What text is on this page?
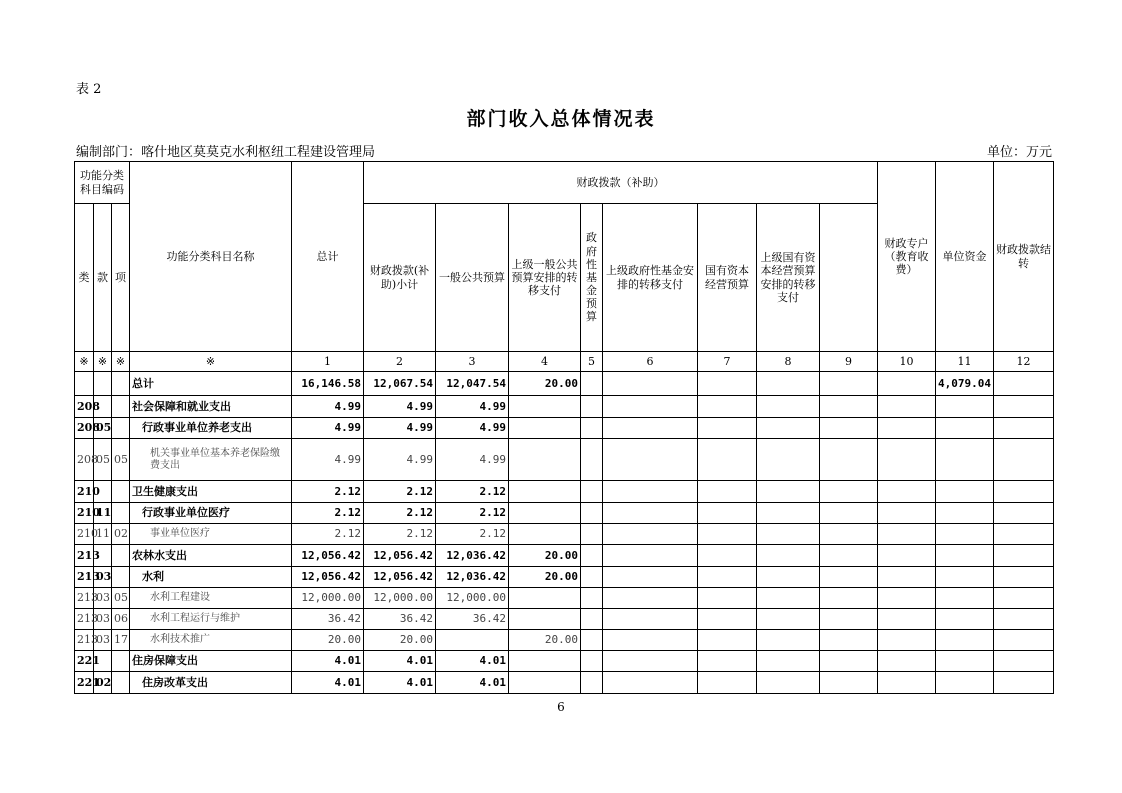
表 2
部门收入总体情况表
编制部门：喀什地区莫莫克水利枢纽工程建设管理局	单位：万元
功能分类科目编码			功能分类科目名称	总计	财政拨款（补助）								财政专户（教育收费）	单位资金	财政拨款结转	
类	款	项			财政拨款(补助)小计	一般公共预算	上级一般公共预算安排的转移支付	政府性基金预算	上级政府性基金安排的转移支付	国有资本经营预算	上级国有资本经营预算安排的转移支付					
※	※	※	※	1	2	3	4	5	6	7	8	9	10	11	12	
			总计	16,146.58	12,067.54	12,047.54	20.00							4,079.04		
208			社会保障和就业支出	4.99	4.99	4.99										
208	05		行政事业单位养老支出	4.99	4.99	4.99										
208	05	05	机关事业单位基本养老保险缴费支出	4.99	4.99	4.99										
210			卫生健康支出	2.12	2.12	2.12										
210	11		行政事业单位医疗	2.12	2.12	2.12										
210	11	02	事业单位医疗	2.12	2.12	2.12										
213			农林水支出	12,056.42	12,056.42	12,036.42	20.00									
213	03		水利	12,056.42	12,056.42	12,036.42	20.00									
213	03	05	水利工程建设	12,000.00	12,000.00	12,000.00										
213	03	06	水利工程运行与维护	36.42	36.42	36.42										
213	03	17	水利技术推广	20.00	20.00		20.00									
221			住房保障支出	4.01	4.01	4.01										
221	02		住房改革支出	4.01	4.01	4.01										
6
